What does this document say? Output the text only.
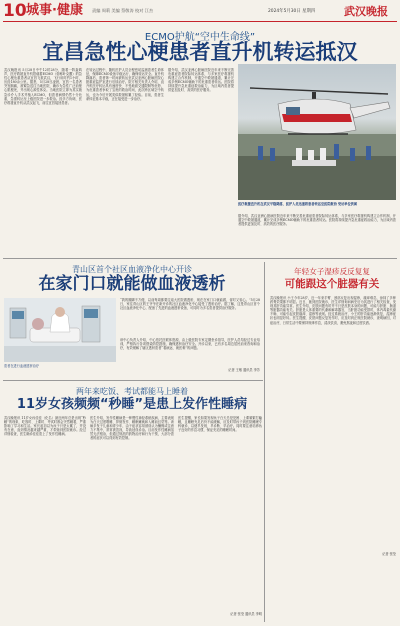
10 城事·健康 责编 周莉 美编 蔡敬涛 校对 江杰	2024年5月30日 星期四	武汉晚报
ECMO护航“空中生命线”
宜昌急性心梗患者直升机转运抵汉
武汉晚报讯 5月28日中午12时28分，随着一阵轰鸣声，医疗救援直升机搭载着ECMO（俗称叶克膜）的急性心梗危重患者从宜昌飞抵武汉，飞行用时约1小时，历经180余公里。据悉，5月28日凌晨，宜昌一名患者突发胸痛，被紧急送往当地医院，确诊为急性广泛前壁心肌梗死，并出现心源性休克。当地医院立即为其实施急诊介入手术并植入ECMO，但患者病情仍然十分危重，急需转运至上级医院进一步救治。经多方协调，医疗救援直升机从武汉起飞，前往宜昌接回患者。
在转运过程中，随机医护人员全程密切监测患者生命体征，保障ECMO设备平稳运行，确保转运安全。直升机降落后，患者第一时间被转运至武汉亚洲心脏病医院心脏重症监护室进行后续治疗。院方相关负责人介绍，直升机医疗转运具有速度快、不受地面交通限制等优势，为危重患者争取了宝贵的救治时间，此次跨区域空中转运，也为今后开展类似救援积累了经验。目前，患者生命体征基本平稳，正在接受进一步治疗。
据介绍，武汉亚洲心脏病医院近年来不断完善危重症患者院际转运体系，与多家医疗救援机构建立合作机制，开通空中救援通道，累计完成多例ECMO辅助下的危重患者转运。医院将持续提升急危重症救治能力，为区域内患者提供更加及时、高效的医疗服务。
医疗救援直升机在武汉平稳降落，医护人员迅速将患者转运至医院救治 受访单位供图
据介绍，武汉亚洲心脏病医院近年来不断完善危重症患者院际转运体系，与多家医疗救援机构建立合作机制，开通空中救援通道，累计完成多例ECMO辅助下的危重患者转运。医院将持续提升急危重症救治能力，为区域内患者提供更加及时、高效的医疗服务。
青山区首个社区血液净化中心开诊
在家门口就能做血液透析
患者在进行血液透析治疗
“我的腿脚不方便，以前每周都要往返大医院做透析，现在在家门口就能做，省时又省心。”5月28日，家住青山区的王爷爷在新开诊的社区血液净化中心接受了透析治疗。据了解，这是青山区首个社区血液净化中心，配备了先进的血液透析设备，可同时为多名患者提供治疗服务。
该中心负责人介绍，中心依托医联体资源，由上级医院专家定期坐诊指导，医护人员均经过专业培训，严格执行各项感染防控措施，确保透析治疗安全。开诊以来，已有多名周边居民前来咨询和治疗，有效缓解了辖区透析患者“看病远、就医难”的问题。
记者 王敏 通讯员 李芳
年轻女子湿疹反反复复
可能跟这个脏器有关
武汉晚报讯 小王今年28岁，近一年来手臂、颈部反复出现湿疹，瘙痒难忍，涂抹了多种药膏效果都不明显。近日，她到医院就诊，医生详细询问病史后为其进行了相关检查，发现其肝功能异常。医生介绍，皮肤问题有时并不只是皮肤本身的问题，可能与肝脏、肠道等脏器功能有关。肝脏是人体重要的代谢和解毒器官，当肝脏功能受损时，体内毒素代谢不畅，可能引起皮肤瘙痒、湿疹等表现。经过系统治疗，小王的肝功能逐渐恢复，湿疹症状也明显好转。医生提醒，皮肤问题反复发作时，应及时到正规医院就诊，查明病因，对症治疗，日常生活中要保持规律作息，清淡饮食，避免熬夜和过度饮酒。
记者 张莹
两年来吃饭、考试都能马上睡着
11岁女孩频频“秒睡”是患上发作性睡病
武汉晚报讯 11岁女孩佳佳（化名）最近两年总是出现“秒睡”的现象，吃饭时、上课时、考试时都会突然睡着，严重影响了学习和生活。家长起初以为孩子只是太累了，并没有在意，直到情况越来越严重，才带她到医院就诊。经过详细检查，医生确诊佳佳患上了发作性睡病。
医生介绍，发作性睡病是一种慢性神经系统疾病，主要表现为白天过度嗜睡、猝倒发作、睡眠瘫痪和入睡前幻觉等。该病多发于儿童和青少年，由于症状容易被误认为懒惰或注意力不集中，常常被忽视，导致延误诊治。目前发作性睡病虽然无法根治，但通过规范的药物治疗和行为干预，大部分患者的症状可以得到有效控制。
医生提醒，家长如果发现孩子白天总是犯困、上课频繁打瞌睡，且睡眠充足后仍不能缓解，应及时带孩子到医院睡眠专科就诊，以便早发现、早诊断、早治疗。同时要注意培养孩子良好的作息习惯，保证充足的睡眠时间。
记者 张莹 通讯员 李明
